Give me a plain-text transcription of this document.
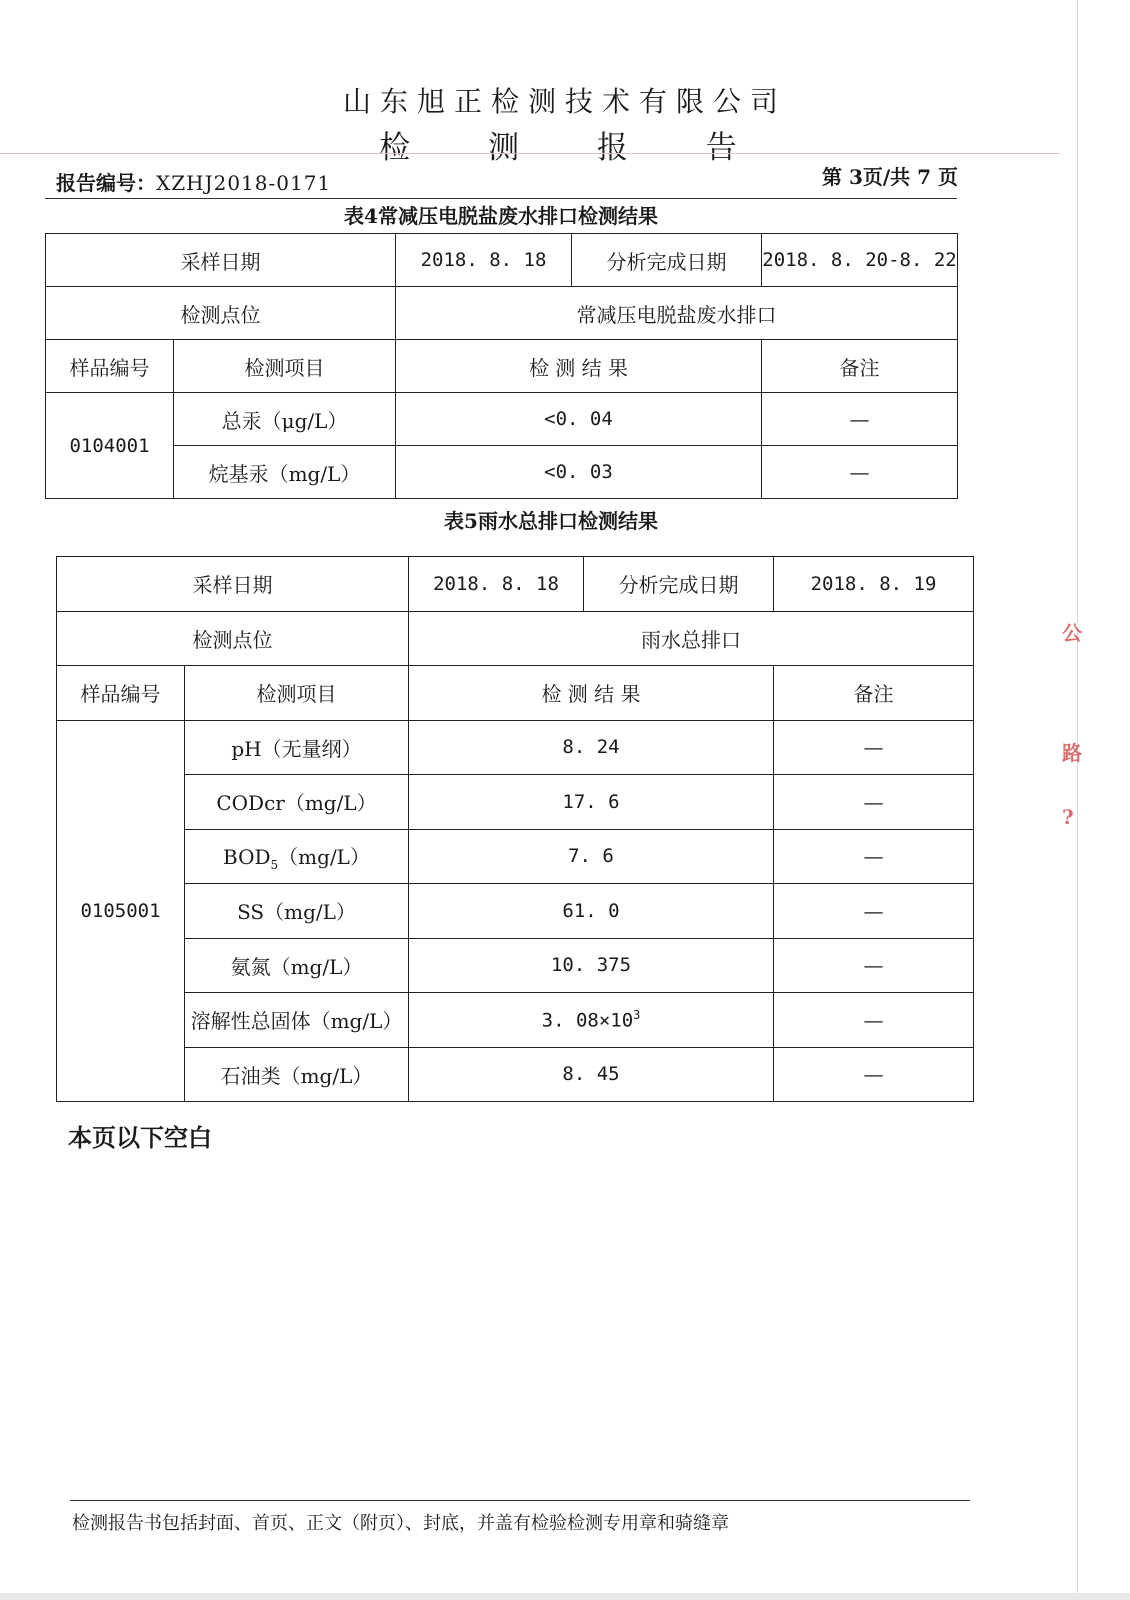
山东旭正检测技术有限公司
检 测 报 告
报告编号：XZHJ2018-0171	第 3页/共 7 页
表4常减压电脱盐废水排口检测结果
采样日期		2018. 8. 18	分析完成日期	2018. 8. 20-8. 22
检测点位		常减压电脱盐废水排口		
样品编号	检测项目	检 测 结 果		备注
0104001	总汞（μg/L）	<0. 04		—
	烷基汞（mg/L）	<0. 03		—
表5雨水总排口检测结果
采样日期		2018. 8. 18	分析完成日期	2018. 8. 19
检测点位		雨水总排口		
样品编号	检测项目	检 测 结 果		备注
0105001	pH（无量纲）	8. 24		—
	CODcr（mg/L）	17. 6		—
	$BOD_5(mg/L)$	7. 6		—
	SS（mg/L）	61. 0		—
	氨氮（mg/L）	10. 375		—
	溶解性总固体（mg/L）	3. $08\times 10^3$		—
	石油类（mg/L）	8. 45		—
本页以下空白
检测报告书包括封面、首页、正文（附页）、封底，并盖有检验检测专用章和骑缝章
公
路
?
